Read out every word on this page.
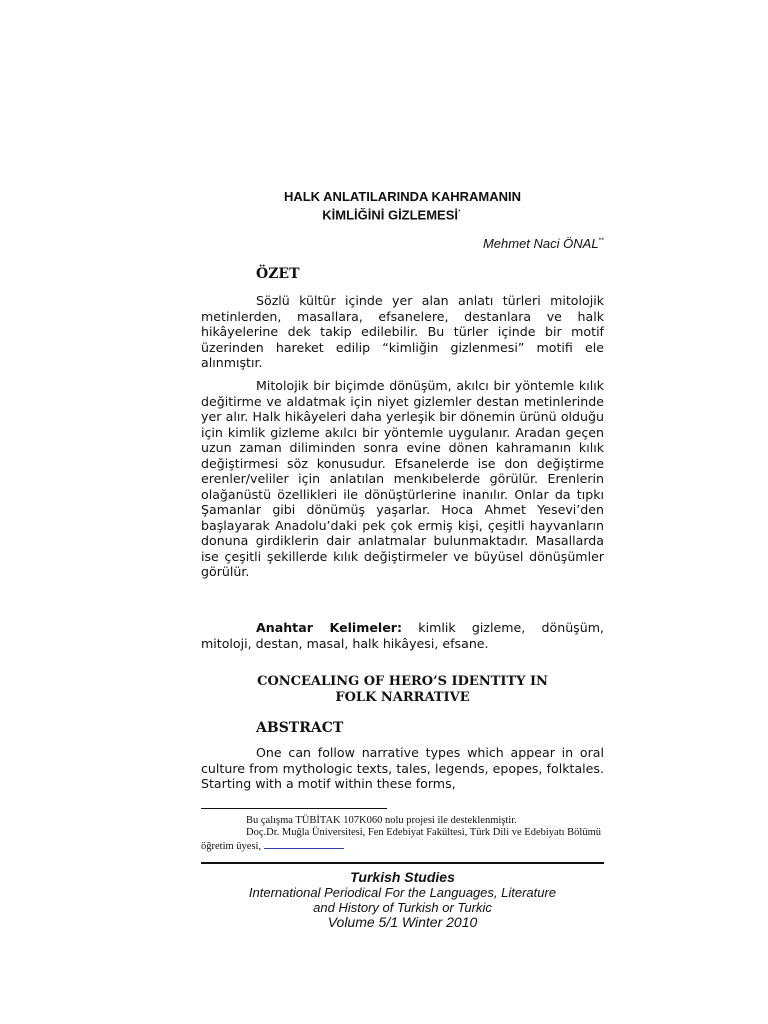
HALK ANLATILARINDA KAHRAMANIN
KİMLİĞİNİ GİZLEMESİ*
Mehmet Naci ÖNAL**
ÖZET

Sözlü kültür içinde yer alan anlatı türleri mitolojik metinlerden, masallara, efsanelere, destanlara ve halk hikâyelerine dek takip edilebilir. Bu türler içinde bir motif üzerinden hareket edilip “kimliğin gizlenmesi” motifi ele alınmıştır.

Mitolojik bir biçimde dönüşüm, akılcı bir yöntemle kılık değitirme ve aldatmak için niyet gizlemler destan metinlerinde yer alır. Halk hikâyeleri daha yerleşik bir dönemin ürünü olduğu için kimlik gizleme akılcı bir yöntemle uygulanır. Aradan geçen uzun zaman diliminden sonra evine dönen kahramanın kılık değiştirmesi söz konusudur. Efsanelerde ise don değiştirme erenler/veliler için anlatılan menkıbelerde görülür. Erenlerin olağanüstü özellikleri ile dönüştürlerine inanılır. Onlar da tıpkı Şamanlar gibi dönümüş yaşarlar. Hoca Ahmet Yesevi’den başlayarak Anadolu’daki pek çok ermiş kişi, çeşitli hayvanların donuna girdiklerin dair anlatmalar bulunmaktadır. Masallarda ise çeşitli şekillerde kılık değiştirmeler ve büyüsel dönüşümler görülür.

Anahtar Kelimeler: kimlik gizleme, dönüşüm, mitoloji, destan, masal, halk hikâyesi, efsane.

CONCEALING OF HERO’S IDENTITY IN
FOLK NARRATIVE
ABSTRACT

One can follow narrative types which appear in oral culture from mythologic texts, tales, legends, epopes, folktales. Starting with a motif within these forms,

Bu çalışma TÜBİTAK 107K060 nolu projesi ile desteklenmiştir.

Doç.Dr. Muğla Üniversitesi, Fen Edebiyat Fakültesi, Türk Dili ve Edebiyatı Bölümü öğretim üyesi,

Turkish Studies
International Periodical For the Languages, Literature
and History of Turkish or Turkic
Volume 5/1 Winter 2010
